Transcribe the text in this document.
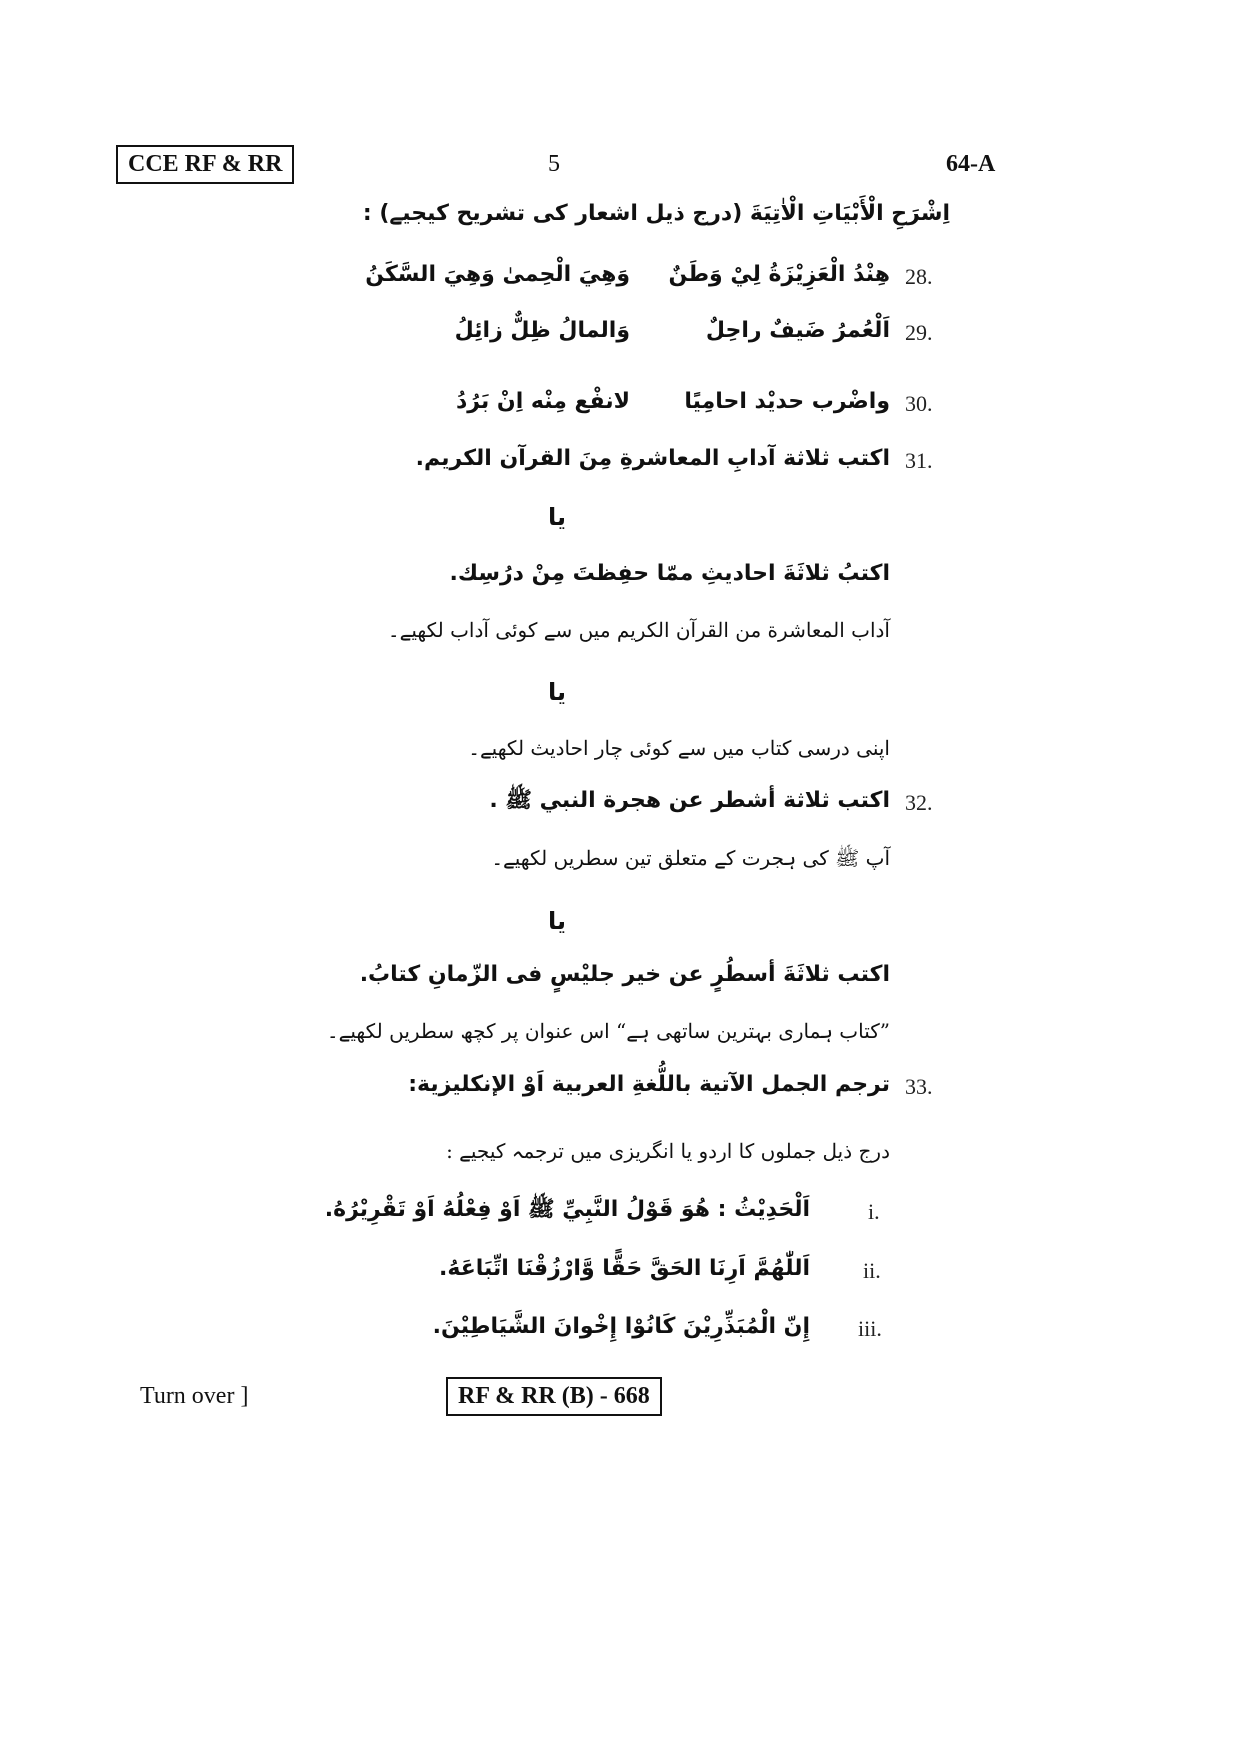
CCE RF & RR	5	64-A
اِشْرَحِ الْأَبْيَاتِ الْاٰتِيَةَ (درج ذیل اشعار کی تشریح کیجیے) :
28.
هِنْدُ الْعَزِيْزَةُ لِيْ وَطَنٌ
وَهِيَ الْحِمىٰ وَهِيَ السَّكَنُ
29.
اَلْعُمرُ ضَيفٌ راحِلٌ
وَالمالُ ظِلٌّ زائِلُ
30.
واضْرب حديْد احامِيًا
لانفْع مِنْه اِنْ بَرُدُ
31.
اكتب ثلاثة آدابِ المعاشرةِ مِنَ القرآن الكريم.
یا
اكتبُ ثلاثَةَ احاديثِ ممّا حفِظتَ مِنْ درُسِك.
آداب المعاشرة من القرآن الكريم میں سے کوئی آداب لکھیے۔
یا
اپنی درسی کتاب میں سے کوئی چار احادیث لکھیے۔
32.
اكتب ثلاثة أشطر عن هجرة النبي ﷺ .
آپ ﷺ کی ہجرت کے متعلق تین سطریں لکھیے۔
یا
اكتب ثلاثَةَ أسطُرٍ عن خير جليْسٍ فى الزّمانِ كتابُ.
”کتاب ہماری بہترین ساتھی ہے“ اس عنوان پر کچھ سطریں لکھیے۔
33.
ترجم الجمل الآتية باللُّغةِ العربية اَوْ الإنكليزية:
درج ذیل جملوں کا اردو یا انگریزی میں ترجمہ کیجیے :
i.
اَلْحَدِيْثُ : هُوَ قَوْلُ النَّبِيِّ ﷺ اَوْ فِعْلُهُ اَوْ تَقْرِيْرُهُ.
ii.
اَللّٰهُمَّ اَرِنَا الحَقَّ حَقًّا وَّارْزُقْنَا اتِّبَاعَهُ.
iii.
إِنّ الْمُبَذِّرِيْنَ كَانُوْا إِخْوانَ الشَّيَاطِيْنَ.
Turn over ]	RF & RR (B) - 668
